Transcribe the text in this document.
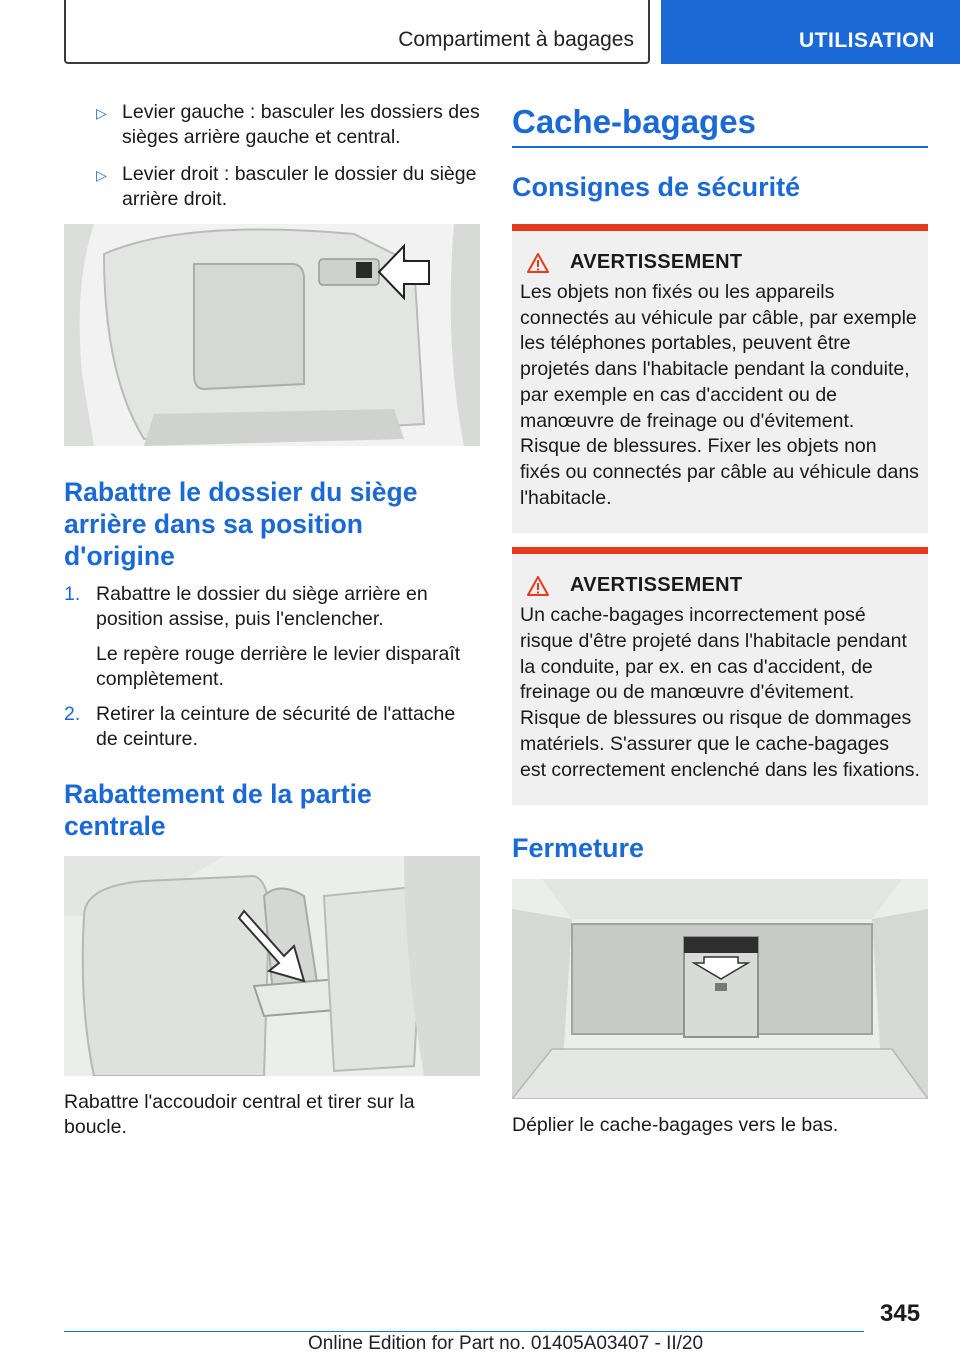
Compartiment à bagages	UTILISATION
▷ Levier gauche : basculer les dossiers des sièges arrière gauche et central.
▷ Levier droit : basculer le dossier du siège arrière droit.
Rabattre le dossier du siège arrière dans sa position d'origine
1. Rabattre le dossier du siège arrière en position assise, puis l'enclencher.
Le repère rouge derrière le levier disparaît complètement.
2. Retirer la ceinture de sécurité de l'attache de ceinture.
Rabattement de la partie centrale
Rabattre l'accoudoir central et tirer sur la boucle.
Cache-bagages
Consignes de sécurité
AVERTISSEMENT
Les objets non fixés ou les appareils connectés au véhicule par câble, par exemple les téléphones portables, peuvent être projetés dans l'habitacle pendant la conduite, par exemple en cas d'accident ou de manœuvre de freinage ou d'évitement. Risque de blessures. Fixer les objets non fixés ou connectés par câble au véhicule dans l'habitacle.
AVERTISSEMENT
Un cache-bagages incorrectement posé risque d'être projeté dans l'habitacle pendant la conduite, par ex. en cas d'accident, de freinage ou de manœuvre d'évitement. Risque de blessures ou risque de dommages matériels. S'assurer que le cache-bagages est correctement enclenché dans les fixations.
Fermeture
Déplier le cache-bagages vers le bas.
345
Online Edition for Part no. 01405A03407 - II/20
